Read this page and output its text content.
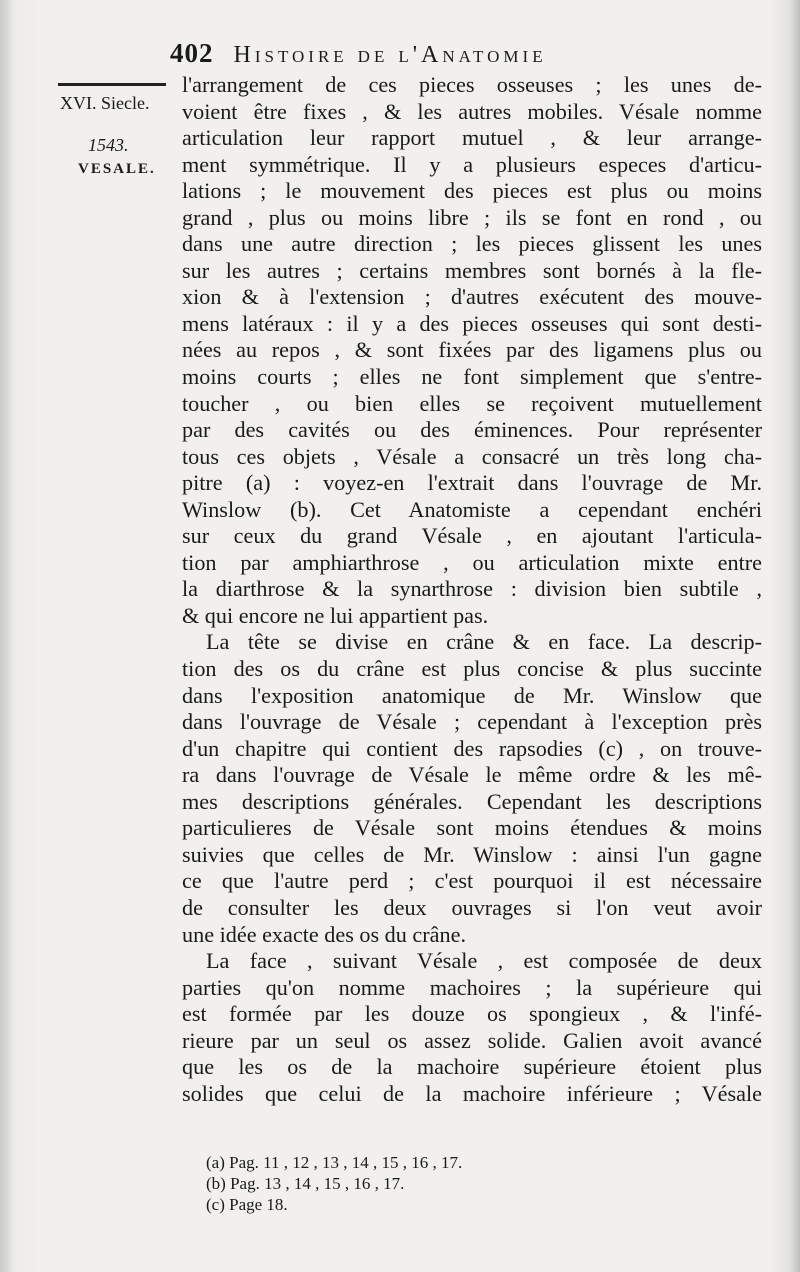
402 Histoire de l'Anatomie
XVI. Siecle.
1543.
VESALE.
l'arrangement de ces pieces osseuses ; les unes de-
voient être fixes , & les autres mobiles. Vésale nomme
articulation leur rapport mutuel , & leur arrange-
ment symmétrique. Il y a plusieurs especes d'articu-
lations ; le mouvement des pieces est plus ou moins
grand , plus ou moins libre ; ils se font en rond , ou
dans une autre direction ; les pieces glissent les unes
sur les autres ; certains membres sont bornés à la fle-
xion & à l'extension ; d'autres exécutent des mouve-
mens latéraux : il y a des pieces osseuses qui sont desti-
nées au repos , & sont fixées par des ligamens plus ou
moins courts ; elles ne font simplement que s'entre-
toucher , ou bien elles se reçoivent mutuellement
par des cavités ou des éminences. Pour représenter
tous ces objets , Vésale a consacré un très long cha-
pitre (a) : voyez-en l'extrait dans l'ouvrage de Mr.
Winslow (b). Cet Anatomiste a cependant enchéri
sur ceux du grand Vésale , en ajoutant l'articula-
tion par amphiarthrose , ou articulation mixte entre
la diarthrose & la synarthrose : division bien subtile ,
& qui encore ne lui appartient pas.
La tête se divise en crâne & en face. La descrip-
tion des os du crâne est plus concise & plus succinte
dans l'exposition anatomique de Mr. Winslow que
dans l'ouvrage de Vésale ; cependant à l'exception près
d'un chapitre qui contient des rapsodies (c) , on trouve-
ra dans l'ouvrage de Vésale le même ordre & les mê-
mes descriptions générales. Cependant les descriptions
particulieres de Vésale sont moins étendues & moins
suivies que celles de Mr. Winslow : ainsi l'un gagne
ce que l'autre perd ; c'est pourquoi il est nécessaire
de consulter les deux ouvrages si l'on veut avoir
une idée exacte des os du crâne.
La face , suivant Vésale , est composée de deux
parties qu'on nomme machoires ; la supérieure qui
est formée par les douze os spongieux , & l'infé-
rieure par un seul os assez solide. Galien avoit avancé
que les os de la machoire supérieure étoient plus
solides que celui de la machoire inférieure ; Vésale
(a) Pag. 11 , 12 , 13 , 14 , 15 , 16 , 17.
(b) Pag. 13 , 14 , 15 , 16 , 17.
(c) Page 18.
